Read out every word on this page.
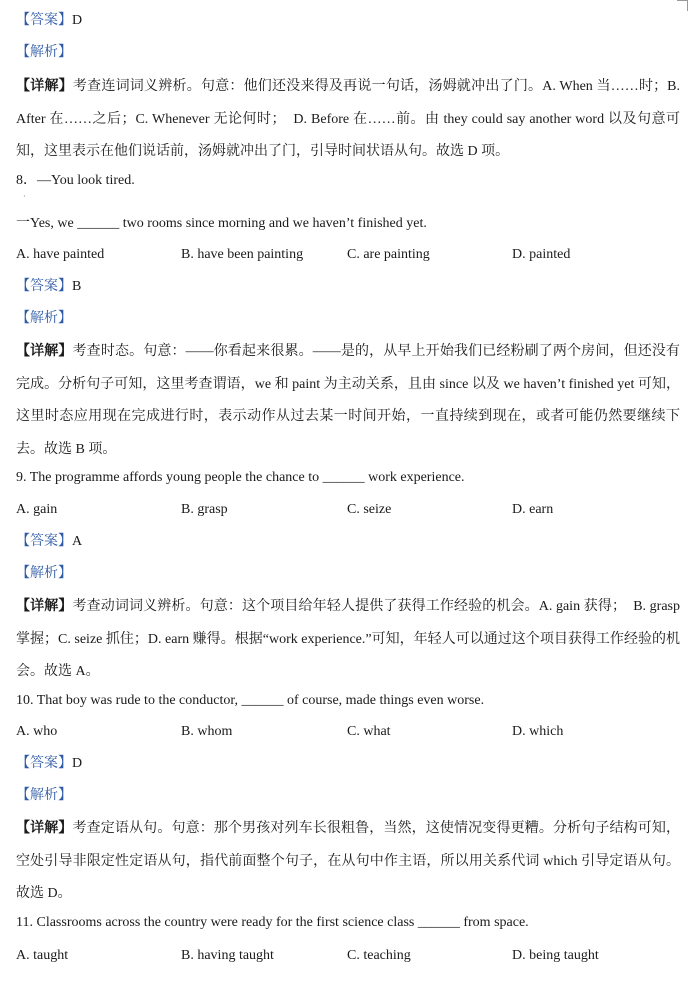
【答案】D
【解析】
【详解】考查连词词义辨析。句意：他们还没来得及再说一句话，汤姆就冲出了门。A. When 当……时；B. After 在……之后；C. Whenever 无论何时；　D. Before 在……前。由 they could say another word 以及句意可知，这里表示在他们说话前，汤姆就冲出了门，引导时间状语从句。故选 D 项。
8．—You look tired.
·
一Yes, we ______ two rooms since morning and we haven’t finished yet.
A. have painted	B. have been painting	C. are painting	D. painted
【答案】B
【解析】
【详解】考查时态。句意：——你看起来很累。——是的，从早上开始我们已经粉刷了两个房间，但还没有完成。分析句子可知，这里考查谓语，we 和 paint 为主动关系，且由 since 以及 we haven’t finished yet 可知，这里时态应用现在完成进行时，表示动作从过去某一时间开始，一直持续到现在，或者可能仍然要继续下去。故选 B 项。
9. The programme affords young people the chance to ______ work experience.
A. gain	B. grasp	C. seize	D. earn
【答案】A
【解析】
【详解】考查动词词义辨析。句意：这个项目给年轻人提供了获得工作经验的机会。A. gain 获得；　B. grasp 掌握；C. seize 抓住；D. earn 赚得。根据“work experience.”可知，年轻人可以通过这个项目获得工作经验的机会。故选 A。
10. That boy was rude to the conductor, ______ of course, made things even worse.
A. who	B. whom	C. what	D. which
【答案】D
【解析】
【详解】考查定语从句。句意：那个男孩对列车长很粗鲁，当然，这使情况变得更糟。分析句子结构可知，空处引导非限定性定语从句，指代前面整个句子，在从句中作主语，所以用关系代词 which 引导定语从句。故选 D。
11. Classrooms across the country were ready for the first science class ______ from space.
A. taught	B. having taught	C. teaching	D. being taught
